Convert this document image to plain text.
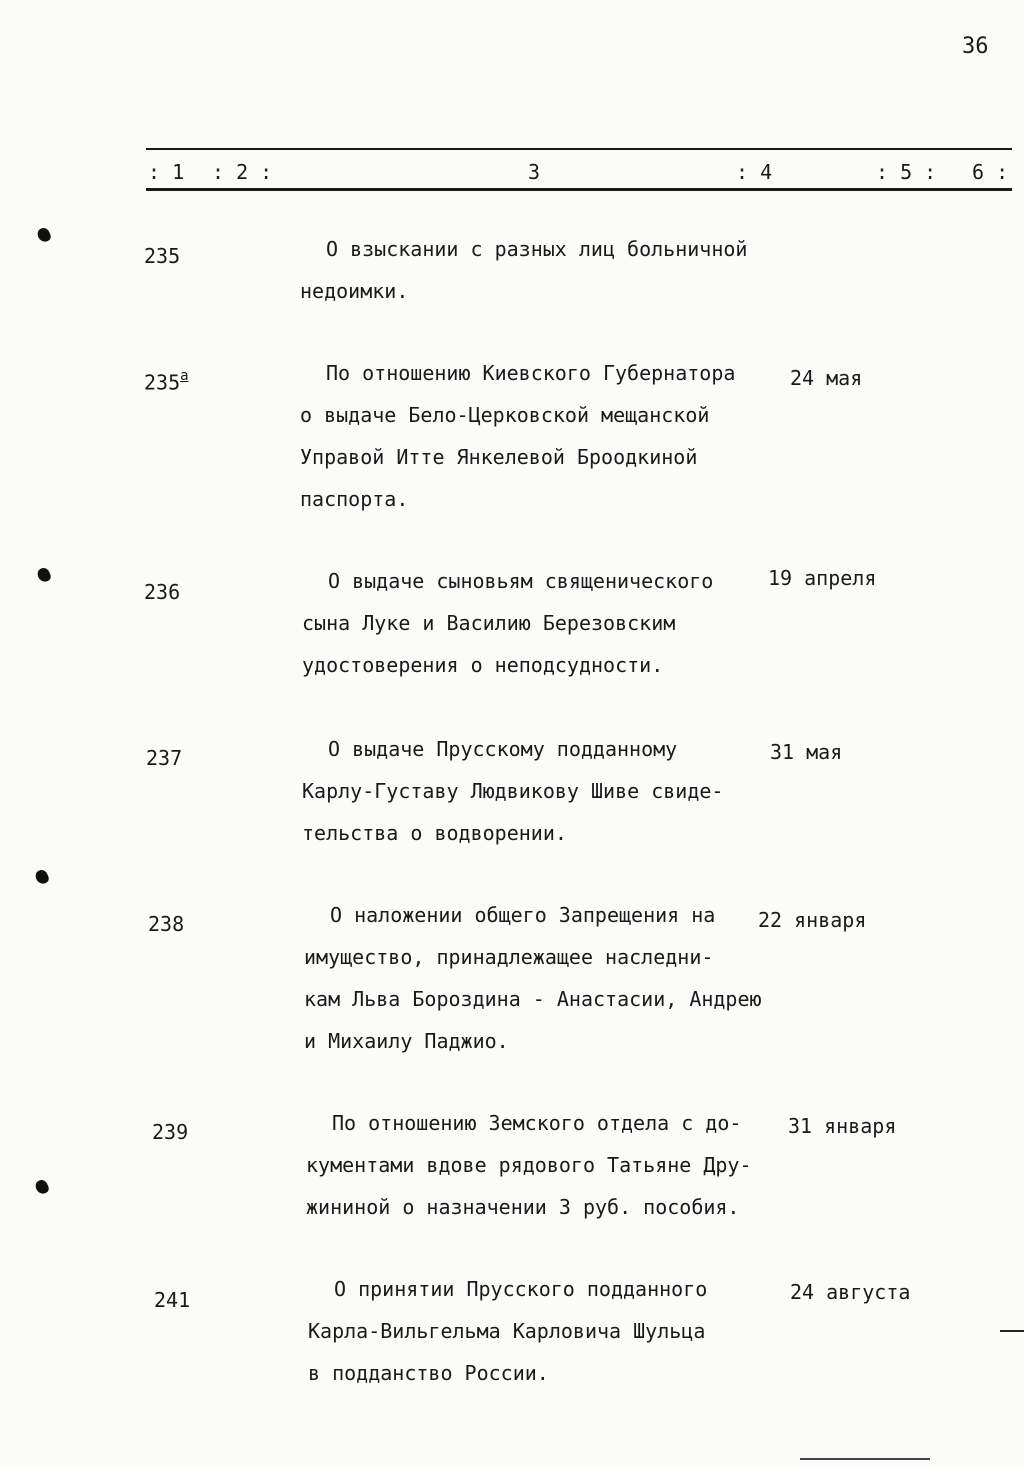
36
: 1 : 2 :	3	: 4	: 5 : 6 :
235	О взыскании с разных лиц больничной

недоимки.

$235^а$	По отношению Киевского Губернатора

о выдаче Бело-Церковской мещанской

Управой Итте Янкелевой Броодкиной

паспорта.

24 мая
236	О выдаче сыновьям священического

сына Луке и Василию Березовским

удостоверения о неподсудности.

19 апреля
237	О выдаче Прусскому подданному

Карлу-Густаву Людвикову Шиве свиде-

тельства о водворении.

31 мая
238	О наложении общего Запрещения на

имущество, принадлежащее наследни-

кам Льва Бороздина - Анастасии, Андрею

и Михаилу Паджио.

22 января
239	По отношению Земского отдела с до-

кументами вдове рядового Татьяне Дру-

жининой о назначении 3 руб. пособия.

31 января
241	О принятии Прусского подданного

Карла-Вильгельма Карловича Шульца

в подданство России.

24 августа
